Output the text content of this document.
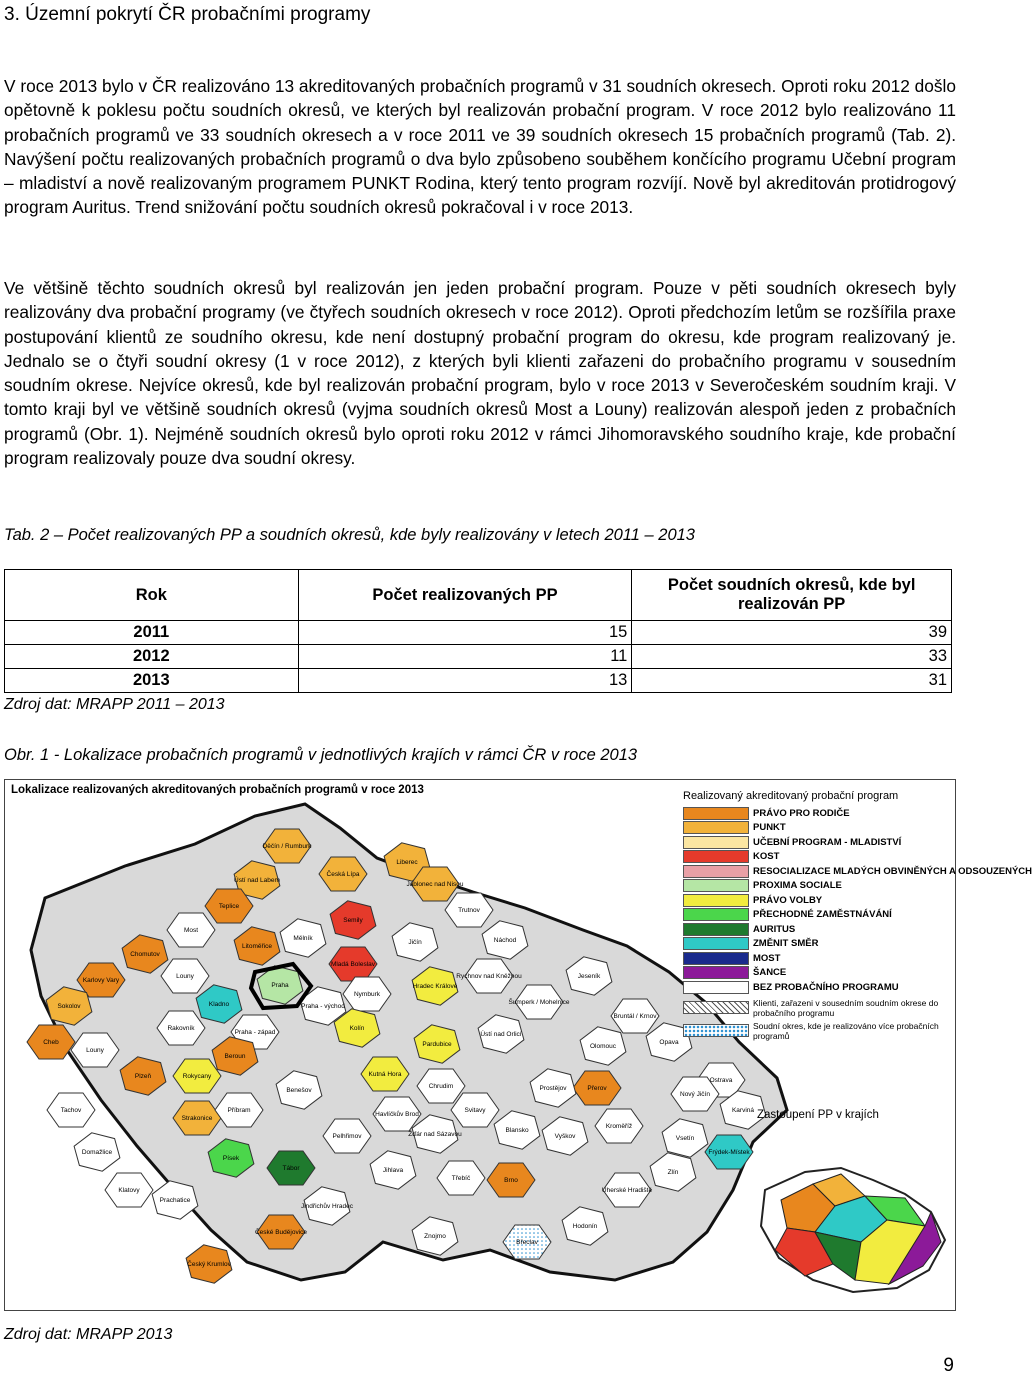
3. Územní pokrytí ČR probačními programy

V roce 2013 bylo v ČR realizováno 13 akreditovaných probačních programů v 31 soudních okresech. Oproti roku 2012 došlo opětovně k poklesu počtu soudních okresů, ve kterých byl realizován probační program. V roce 2012 bylo realizováno 11 probačních programů ve 33 soudních okresech a v roce 2011 ve 39 soudních okresech 15 probačních programů (Tab. 2). Navýšení počtu realizovaných probačních programů o dva bylo způsobeno souběhem končícího programu Učební program – mladiství a nově realizovaným programem PUNKT Rodina, který tento program rozvíjí. Nově byl akreditován protidrogový program Auritus. Trend snižování počtu soudních okresů pokračoval i v roce 2013.

Ve většině těchto soudních okresů byl realizován jen jeden probační program. Pouze v pěti soudních okresech byly realizovány dva probační programy (ve čtyřech soudních okresech v roce 2012). Oproti předchozím letům se rozšířila praxe postupování klientů ze soudního okresu, kde není dostupný probační program do okresu, kde program realizovaný je. Jednalo se o čtyři soudní okresy (1 v roce 2012), z kterých byli klienti zařazeni do probačního programu v sousedním soudním okrese. Nejvíce okresů, kde byl realizován probační program, bylo v roce 2013 v Severočeském soudním kraji. V tomto kraji byl ve většině soudních okresů (vyjma soudních okresů Most a Louny) realizován alespoň jeden z probačních programů (Obr. 1). Nejméně soudních okresů bylo oproti roku 2012 v rámci Jihomoravského soudního kraje, kde probační program realizovaly pouze dva soudní okresy.

Tab. 2 – Počet realizovaných PP a soudních okresů, kde byly realizovány v letech 2011 – 2013
Rok	Počet realizovaných PP	Počet soudních okresů, kde byl realizován PP
2011	15	39
2012	11	33
2013	13	31
Zdroj dat: MRAPP 2011 – 2013
Obr. 1 - Lokalizace probačních programů v jednotlivých krajích v rámci ČR v roce 2013
Lokalizace realizovaných akreditovaných probačních programů v roce 2013
Děčín / Rumburk
Ústí nad Labem
Česká Lípa
Liberec
Jablonec nad Nisou
Semily
Teplice
Litoměřice
Most
Chomutov
Louny
Mělník
Mladá Boleslav
Jičín
Trutnov
Náchod
Karlovy Vary
Sokolov
Cheb
Kladno
Rakovník
Praha
Praha - západ
Praha - východ
Nymburk
Hradec Králové
Rychnov nad Kněžnou
Kolín
Kutná Hora
Pardubice
Chrudim
Ústí nad Orlicí
Šumperk / Mohelnice
Jeseník
Bruntál / Krnov
Opava
Ostrava
Karviná
Frýdek-Místek
Olomouc
Nový Jičín
Vsetín
Přerov
Prostějov
Kroměříž
Zlín
Uherské Hradiště
Hodonín
Břeclav
Vyškov
Brno
Blansko
Svitavy
Žďár nad Sázavou
Havlíčkův Brod
Jihlava
Třebíč
Znojmo
Pelhřimov
Jindřichův Hradec
Tábor
Písek
Strakonice
Prachatice
České Budějovice
Český Krumlov
Klatovy
Domažlice
Tachov
Plzeň	Rokycany
Beroun
Příbram
Benešov
Louny
Realizovaný akreditovaný probační program
PRÁVO PRO RODIČE
PUNKT
UČEBNÍ PROGRAM - MLADISTVÍ
KOST
RESOCIALIZACE MLADÝCH OBVINĚNÝCH A ODSOUZENÝCH
PROXIMA SOCIALE
PRÁVO VOLBY
PŘECHODNÉ ZAMĚSTNÁVÁNÍ
AURITUS
ZMĚNIT SMĚR
MOST
ŠANCE
BEZ PROBAČNÍHO PROGRAMU
Klienti, zařazeni v sousedním soudním okrese do probačního programu
Soudní okres, kde je realizováno více probačních programů
Zastoupení PP v krajích
Zdroj dat: MRAPP 2013
9
